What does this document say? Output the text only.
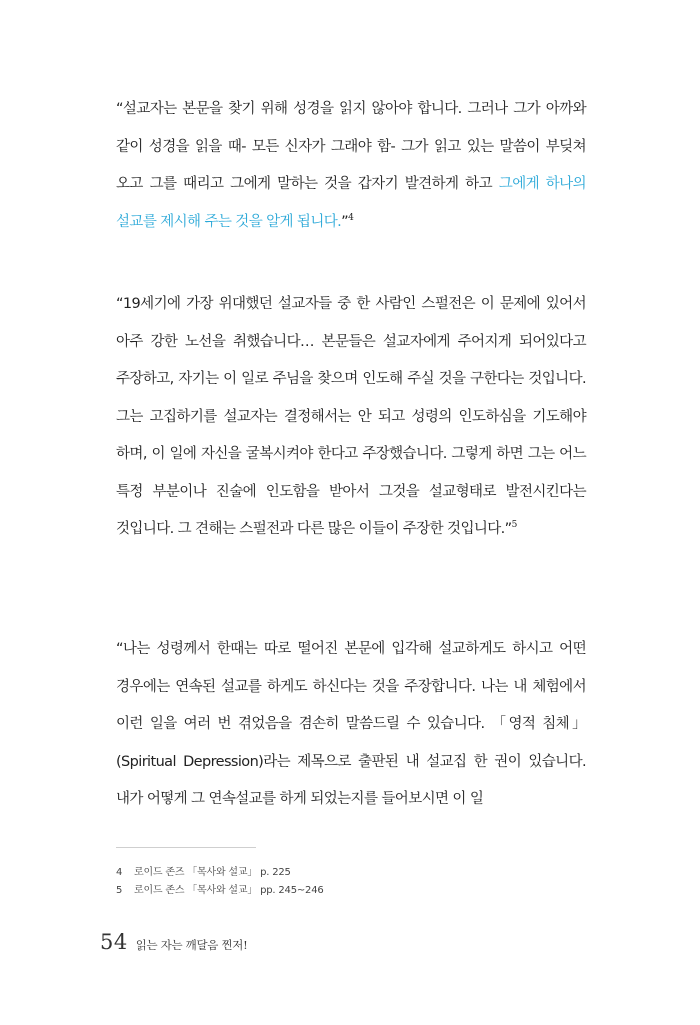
“설교자는 본문을 찾기 위해 성경을 읽지 않아야 합니다. 그러나 그가 아까와 같이 성경을 읽을 때- 모든 신자가 그래야 함- 그가 읽고 있는 말씀이 부딪쳐 오고 그를 때리고 그에게 말하는 것을 갑자기 발견하게 하고 그에게 하나의 설교를 제시해 주는 것을 알게 됩니다.”$^4$

“19세기에 가장 위대했던 설교자들 중 한 사람인 스펄전은 이 문제에 있어서 아주 강한 노선을 취했습니다… 본문들은 설교자에게 주어지게 되어있다고 주장하고, 자기는 이 일로 주님을 찾으며 인도해 주실 것을 구한다는 것입니다. 그는 고집하기를 설교자는 결정해서는 안 되고 성령의 인도하심을 기도해야 하며, 이 일에 자신을 굴복시켜야 한다고 주장했습니다. 그렇게 하면 그는 어느 특정 부분이나 진술에 인도함을 받아서 그것을 설교형태로 발전시킨다는 것입니다. 그 견해는 스펄전과 다른 많은 이들이 주장한 것입니다.”$^5$

“나는 성령께서 한때는 따로 떨어진 본문에 입각해 설교하게도 하시고 어떤 경우에는 연속된 설교를 하게도 하신다는 것을 주장합니다. 나는 내 체험에서 이런 일을 여러 번 겪었음을 겸손히 말씀드릴 수 있습니다. 「영적 침체」 (Spiritual Depression)라는 제목으로 출판된 내 설교집 한 권이 있습니다. 내가 어떻게 그 연속설교를 하게 되었는지를 들어보시면 이 일

4 로이드 존즈 「목사와 설교」 p. 225
5 로이드 존스 「목사와 설교」 pp. 245~246
54 읽는 자는 깨달음 찐저!
